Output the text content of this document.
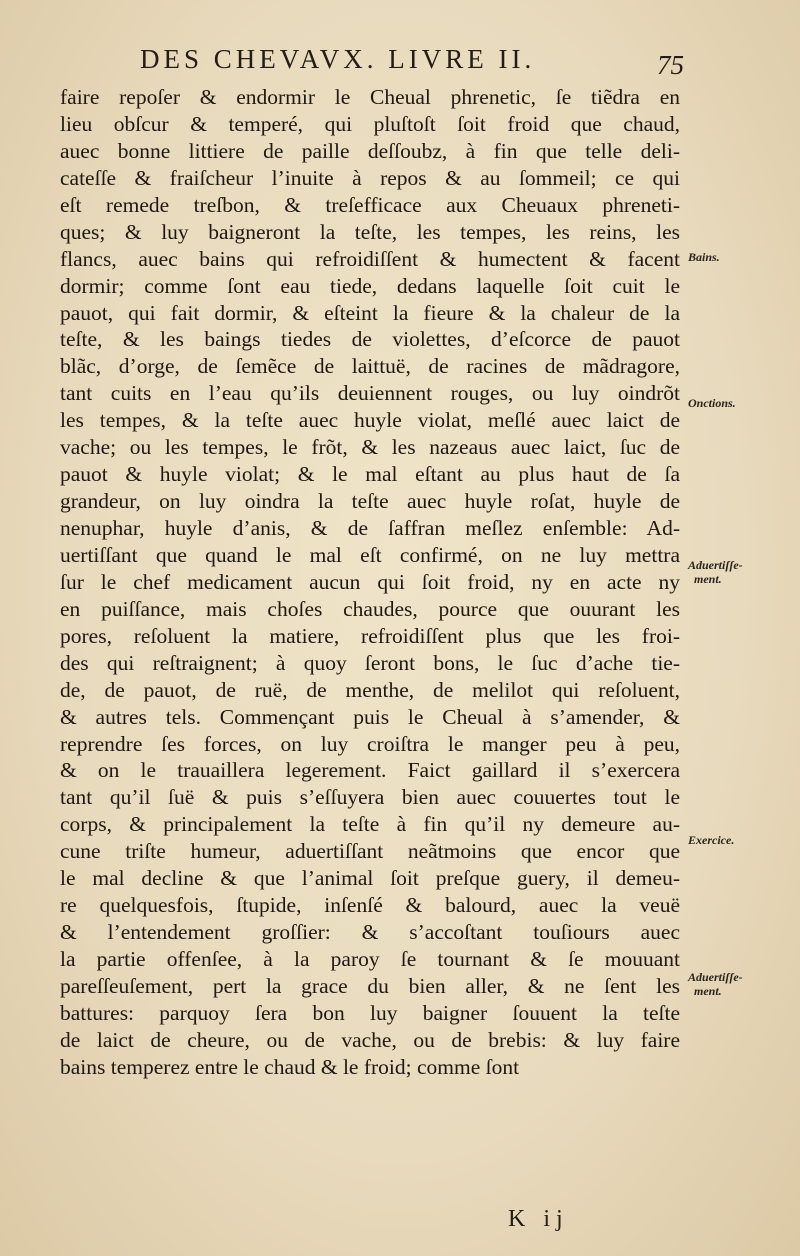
DES CHEVAVX. LIVRE II.	75
faire repoſer & endormir le Cheual phrenetic, ſe tiẽdra en
lieu obſcur & temperé, qui pluſtoſt ſoit froid que chaud,
auec bonne littiere de paille deſſoubz, à fin que telle deli-
cateſſe & fraiſcheur l’inuite à repos & au ſommeil; ce qui
eſt remede treſbon, & treſefficace aux Cheuaux phreneti-
ques; & luy baigneront la teſte, les tempes, les reins, les
flancs, auec bains qui refroidiſſent & humectent & facent
dormir; comme ſont eau tiede, dedans laquelle ſoit cuit le
pauot, qui fait dormir, & eſteint la fieure & la chaleur de la
teſte, & les baings tiedes de violettes, d’eſcorce de pauot
blãc, d’orge, de ſemẽce de laittuë, de racines de mãdragore,
tant cuits en l’eau qu’ils deuiennent rouges, ou luy oindrõt
les tempes, & la teſte auec huyle violat, meſlé auec laict de
vache; ou les tempes, le frõt, & les nazeaus auec laict, ſuc de
pauot & huyle violat; & le mal eſtant au plus haut de ſa
grandeur, on luy oindra la teſte auec huyle roſat, huyle de
nenuphar, huyle d’anis, & de ſaffran meſlez enſemble: Ad-
uertiſſant que quand le mal eſt confirmé, on ne luy mettra
ſur le chef medicament aucun qui ſoit froid, ny en acte ny
en puiſſance, mais choſes chaudes, pource que ouurant les
pores, reſoluent la matiere, refroidiſſent plus que les froi-
des qui reſtraignent; à quoy ſeront bons, le ſuc d’ache tie-
de, de pauot, de ruë, de menthe, de melilot qui reſoluent,
& autres tels. Commençant puis le Cheual à s’amender, &
reprendre ſes forces, on luy croiſtra le manger peu à peu,
& on le trauaillera legerement. Faict gaillard il s’exercera
tant qu’il ſuë & puis s’eſſuyera bien auec couuertes tout le
corps, & principalement la teſte à fin qu’il ny demeure au-
cune triſte humeur, aduertiſſant neãtmoins que encor que
le mal decline & que l’animal ſoit preſque guery, il demeu-
re quelquesfois, ſtupide, inſenſé & balourd, auec la veuë
& l’entendement groſſier: & s’accoſtant touſiours auec
la partie offenſee, à la paroy ſe tournant & ſe mouuant
pareſſeuſement, pert la grace du bien aller, & ne ſent les
battures: parquoy ſera bon luy baigner ſouuent la teſte
de laict de cheure, ou de vache, ou de brebis: & luy faire
bains temperez entre le chaud & le froid; comme ſont
Bains.
Onctions.
Aduertiſſe-
ment.
Exercice.
Aduertiſſe-
ment.
K ij
